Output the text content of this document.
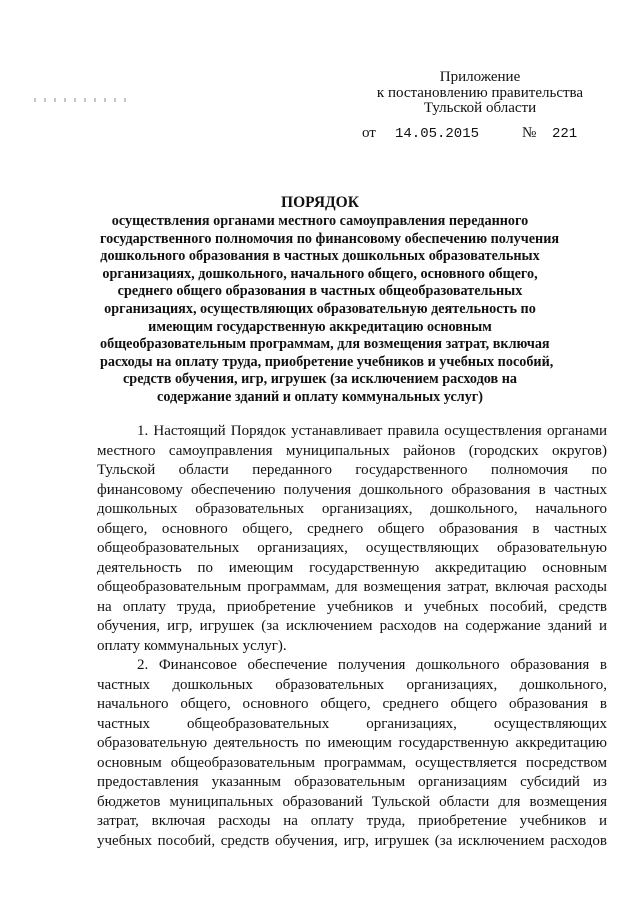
Приложение
к постановлению правительства
Тульской области
от 14.05.2015	№ 221
ПОРЯДОК
осуществления органами местного самоуправления переданного
государственного полномочия по финансовому обеспечению получения
дошкольного образования в частных дошкольных образовательных
организациях, дошкольного, начального общего, основного общего,
среднего общего образования в частных общеобразовательных
организациях, осуществляющих образовательную деятельность по
имеющим государственную аккредитацию основным
общеобразовательным программам, для возмещения затрат, включая
расходы на оплату труда, приобретение учебников и учебных пособий,
средств обучения, игр, игрушек (за исключением расходов на
содержание зданий и оплату коммунальных услуг)
1. Настоящий Порядок устанавливает правила осуществления органами
местного самоуправления муниципальных районов (городских округов)
Тульской области переданного государственного полномочия по
финансовому обеспечению получения дошкольного образования в частных
дошкольных образовательных организациях, дошкольного, начального
общего, основного общего, среднего общего образования в частных
общеобразовательных организациях, осуществляющих образовательную
деятельность по имеющим государственную аккредитацию основным
общеобразовательным программам, для возмещения затрат, включая расходы
на оплату труда, приобретение учебников и учебных пособий, средств
обучения, игр, игрушек (за исключением расходов на содержание зданий и
оплату коммунальных услуг).
2. Финансовое обеспечение получения дошкольного образования в
частных дошкольных образовательных организациях, дошкольного,
начального общего, основного общего, среднего общего образования в
частных общеобразовательных организациях, осуществляющих
образовательную деятельность по имеющим государственную аккредитацию
основным общеобразовательным программам, осуществляется посредством
предоставления указанным образовательным организациям субсидий из
бюджетов муниципальных образований Тульской области для возмещения
затрат, включая расходы на оплату труда, приобретение учебников и
учебных пособий, средств обучения, игр, игрушек (за исключением расходов
